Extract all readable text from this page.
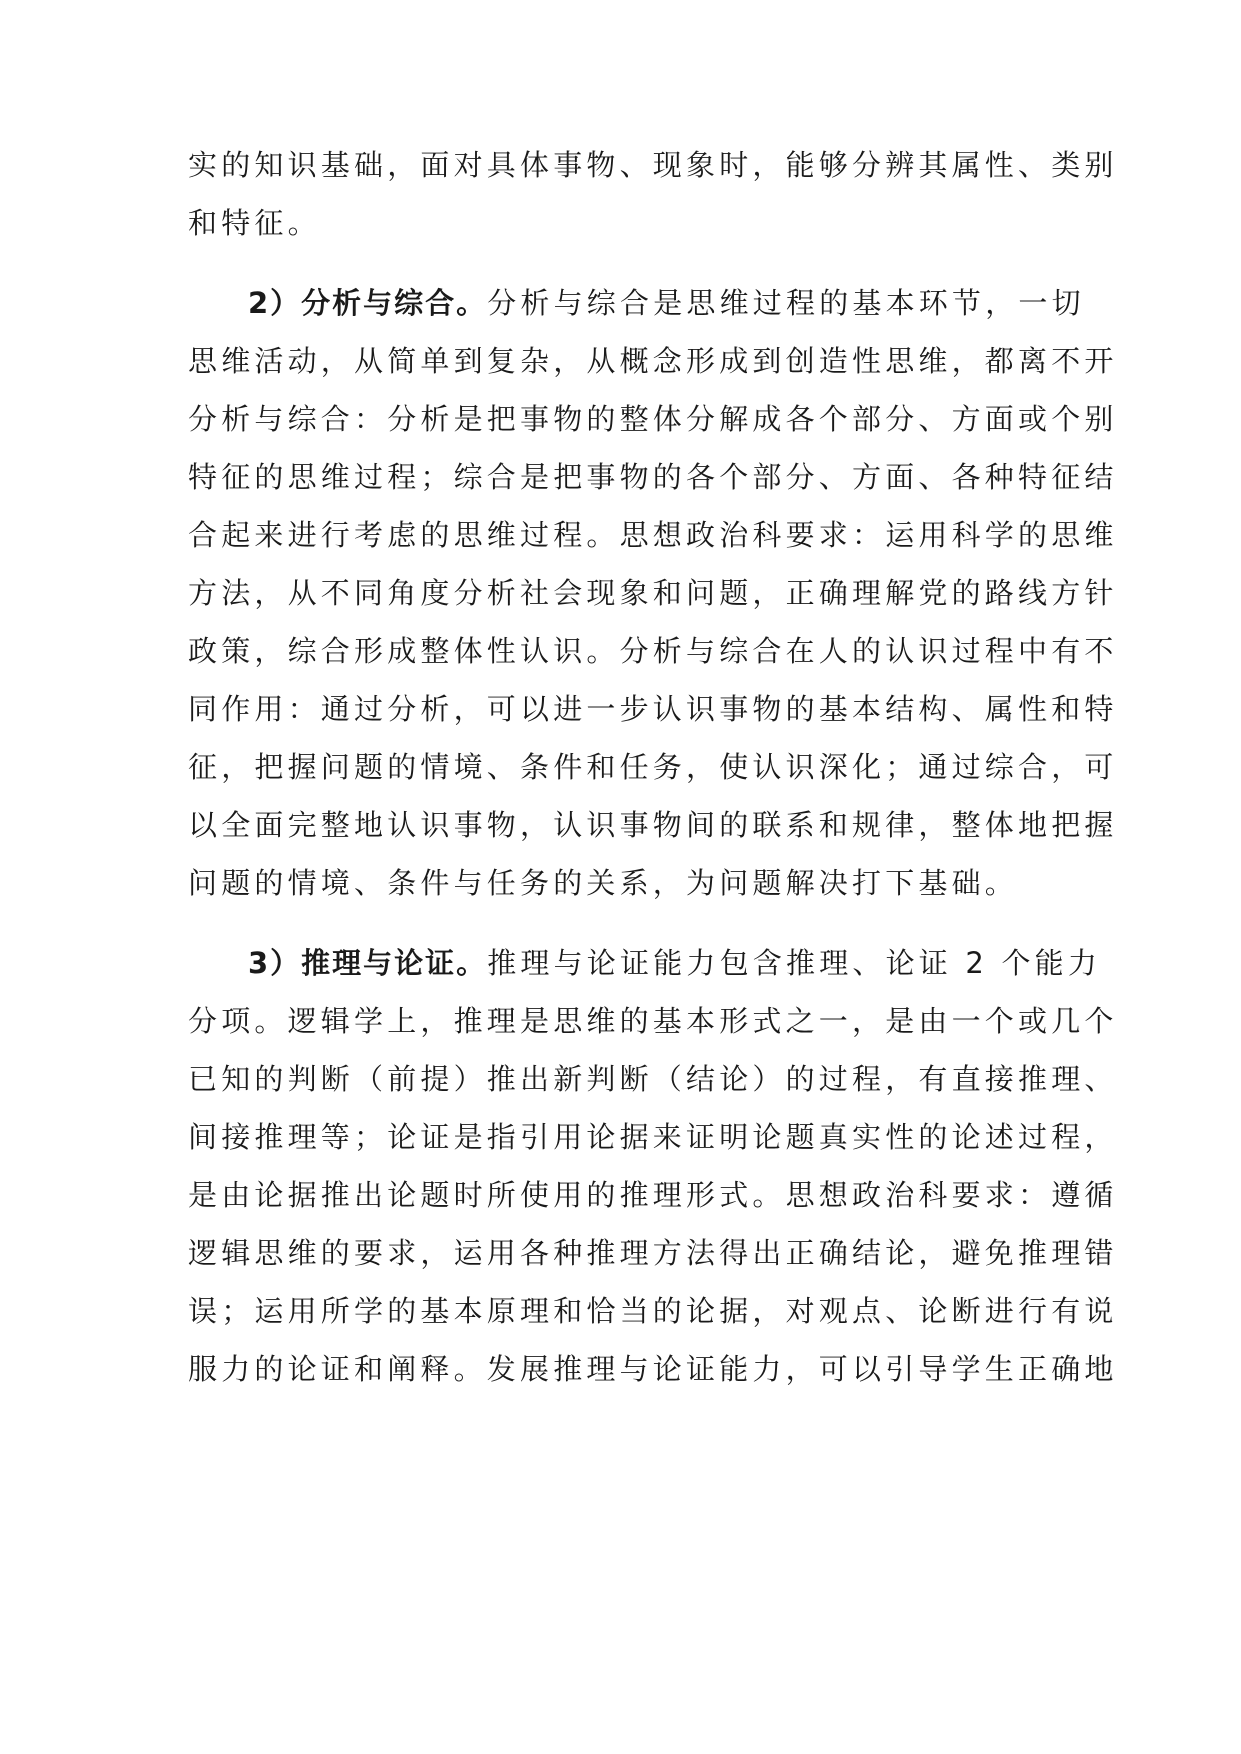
实的知识基础，面对具体事物、现象时，能够分辨其属性、类别
和特征。
2）分析与综合。分析与综合是思维过程的基本环节，一切
思维活动，从简单到复杂，从概念形成到创造性思维，都离不开
分析与综合：分析是把事物的整体分解成各个部分、方面或个别
特征的思维过程；综合是把事物的各个部分、方面、各种特征结
合起来进行考虑的思维过程。思想政治科要求：运用科学的思维
方法，从不同角度分析社会现象和问题，正确理解党的路线方针
政策，综合形成整体性认识。分析与综合在人的认识过程中有不
同作用：通过分析，可以进一步认识事物的基本结构、属性和特
征，把握问题的情境、条件和任务，使认识深化；通过综合，可
以全面完整地认识事物，认识事物间的联系和规律，整体地把握
问题的情境、条件与任务的关系，为问题解决打下基础。
3）推理与论证。推理与论证能力包含推理、论证 2 个能力
分项。逻辑学上，推理是思维的基本形式之一，是由一个或几个
已知的判断（前提）推出新判断（结论）的过程，有直接推理、
间接推理等；论证是指引用论据来证明论题真实性的论述过程，
是由论据推出论题时所使用的推理形式。思想政治科要求：遵循
逻辑思维的要求，运用各种推理方法得出正确结论，避免推理错
误；运用所学的基本原理和恰当的论据，对观点、论断进行有说
服力的论证和阐释。发展推理与论证能力，可以引导学生正确地
